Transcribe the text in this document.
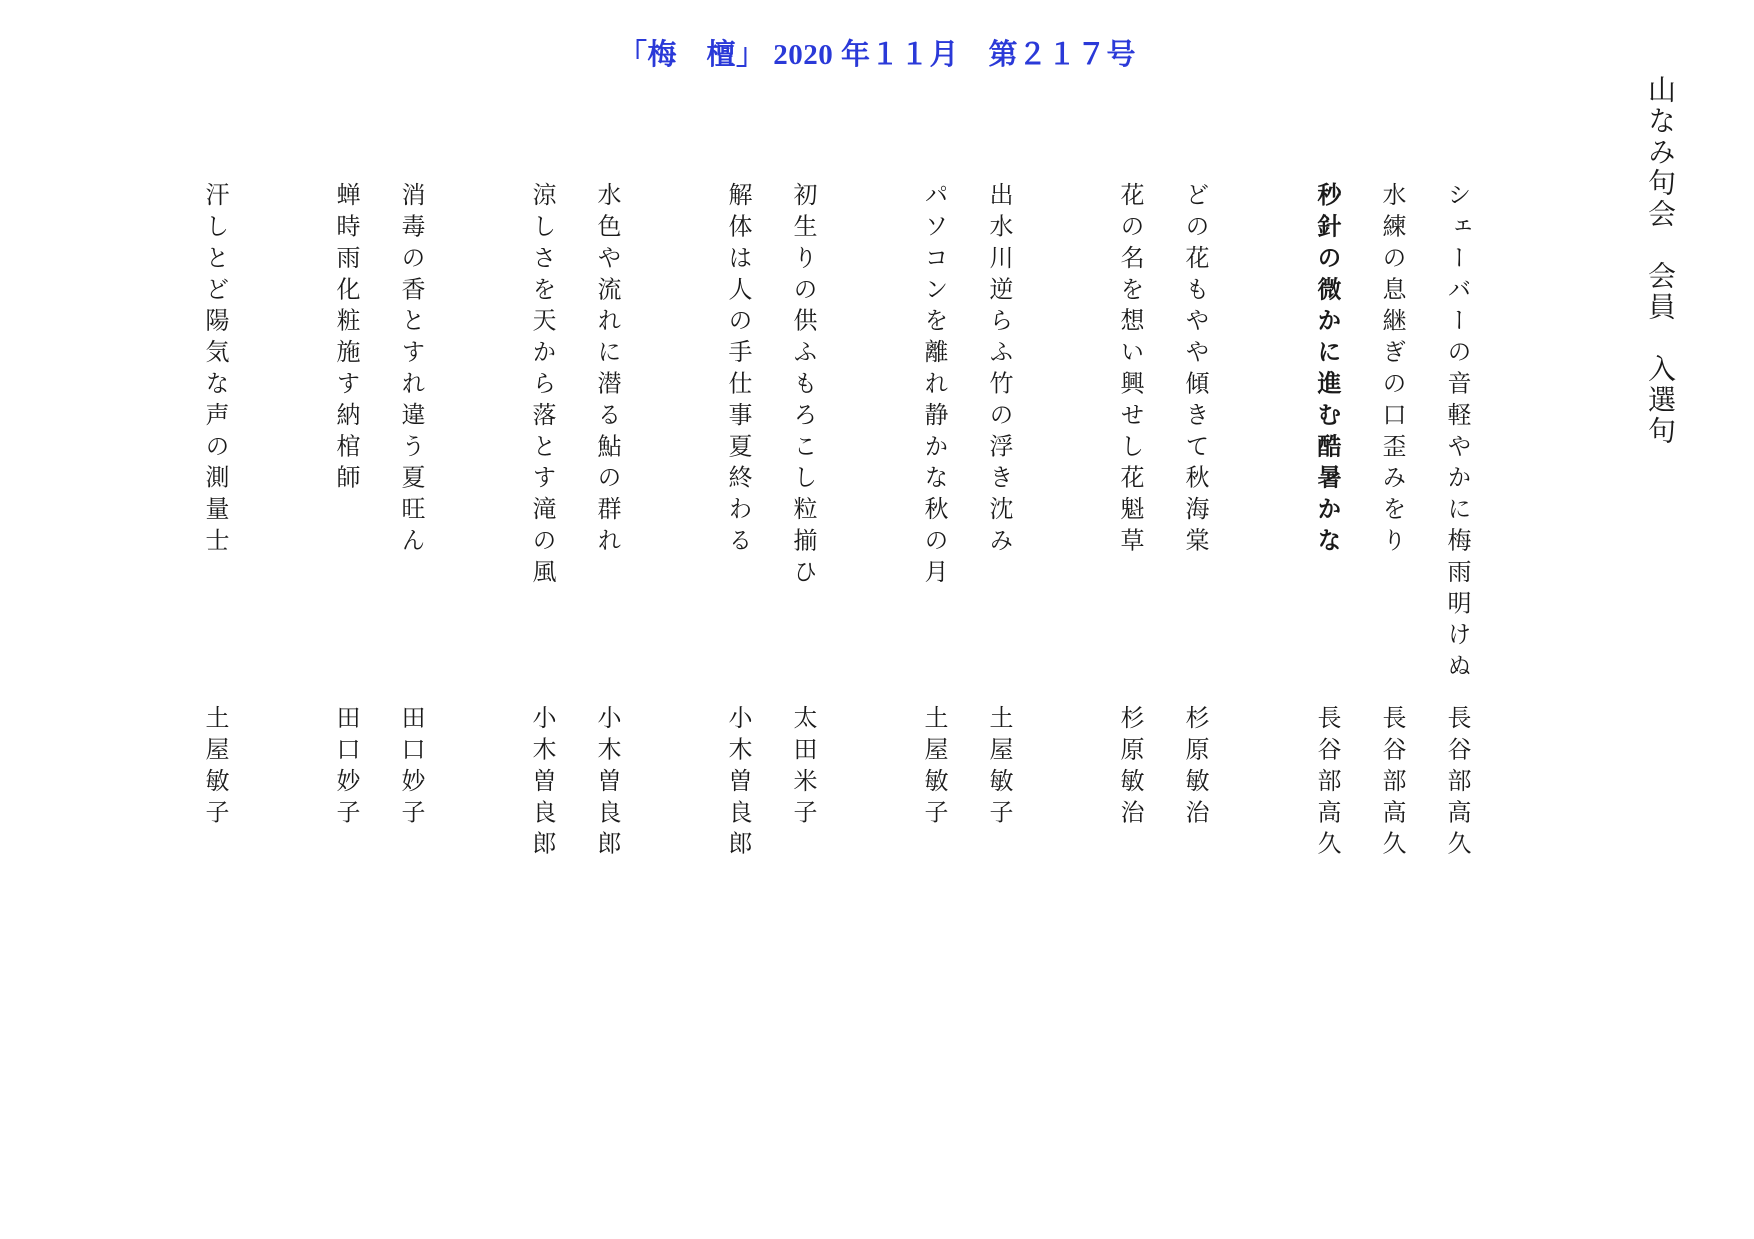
「梅　檀」 2020 年１１月　第２１７号
山なみ句会　会員　入選句
シェーバーの音軽やかに梅雨明けぬ
水練の息継ぎの口歪みをり
秒針の微かに進む酷暑かな
どの花もやや傾きて秋海棠
花の名を想い興せし花魁草
出水川逆らふ竹の浮き沈み
パソコンを離れ静かな秋の月
初生りの供ふもろこし粒揃ひ
解体は人の手仕事夏終わる
水色や流れに潜る鮎の群れ
涼しさを天から落とす滝の風
消毒の香とすれ違う夏旺ん
蝉時雨化粧施す納棺師
汗しとど陽気な声の測量士
長谷部高久
長谷部高久
長谷部高久
杉原敏治
杉原敏治
土屋敏子
土屋敏子
太田米子
小木曽良郎
小木曽良郎
小木曽良郎
田口妙子
田口妙子
土屋敏子
